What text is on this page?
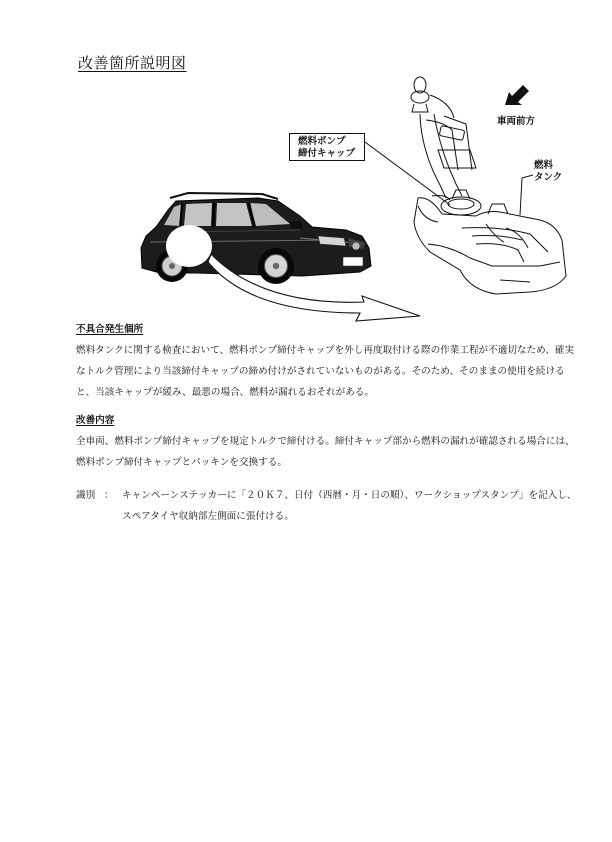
改善箇所説明図
燃料ポンプ
締付キャップ
車両前方
燃料
タンク
不具合発生個所
燃料タンクに関する検査において、燃料ポンプ締付キャップを外し再度取付ける際の作業工程が不適切なため、確実なトルク管理により当該締付キャップの締め付けがされていないものがある。そのため、そのままの使用を続けると、当該キャップが緩み、最悪の場合、燃料が漏れるおそれがある。
改善内容
全車両、燃料ポンプ締付キャップを規定トルクで締付ける。締付キャップ部から燃料の漏れが確認される場合には、燃料ポンプ締付キャップとパッキンを交換する。
識別 ： キャンペーンステッカーに「２０Ｋ７、日付（西暦・月・日の順）、ワークショップスタンプ」を記入し、スペアタイヤ収納部左側面に張付ける。
